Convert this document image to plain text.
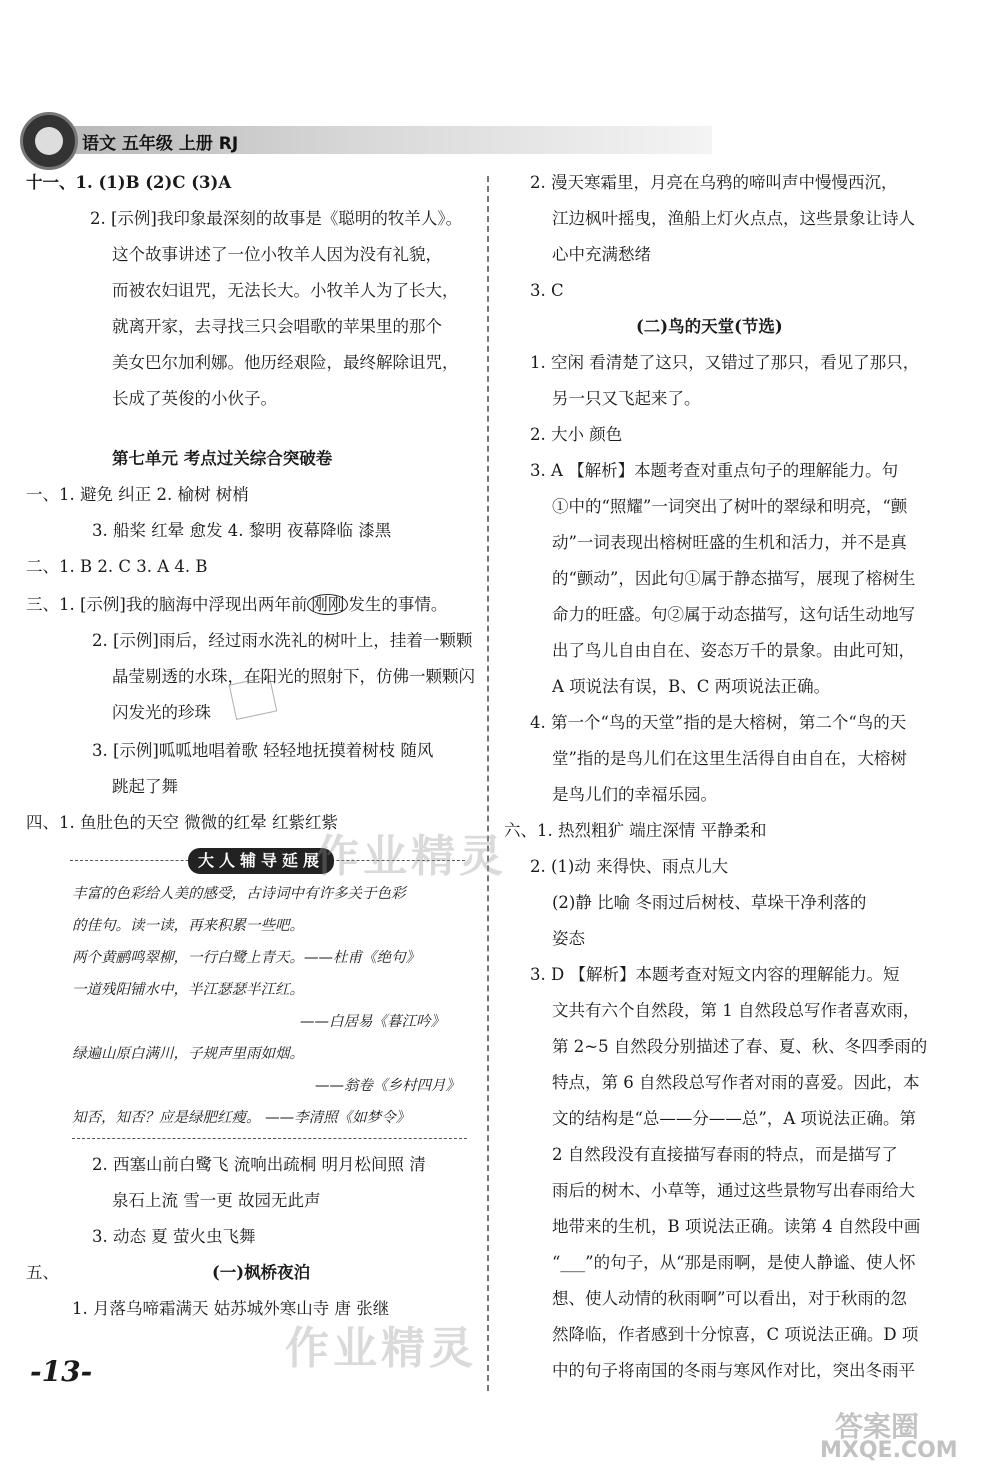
语文 五年级 上册 RJ
十一、1. (1)B (2)C (3)A
2. [示例]我印象最深刻的故事是《聪明的牧羊人》。
这个故事讲述了一位小牧羊人因为没有礼貌，
而被农妇诅咒，无法长大。小牧羊人为了长大，
就离开家，去寻找三只会唱歌的苹果里的那个
美女巴尔加利娜。他历经艰险，最终解除诅咒，
长成了英俊的小伙子。
第七单元 考点过关综合突破卷
一、1. 避免 纠正 2. 榆树 树梢
3. 船桨 红晕 愈发 4. 黎明 夜幕降临 漆黑
二、1. B 2. C 3. A 4. B
三、1. [示例]我的脑海中浮现出两年前 刚刚 发生的事情。
2. [示例]雨后，经过雨水洗礼的树叶上，挂着一颗颗
晶莹剔透的水珠，在阳光的照射下，仿佛一颗颗闪
闪发光的珍珠
3. [示例]呱呱地唱着歌 轻轻地抚摸着树枝 随风
跳起了舞
四、1. 鱼肚色的天空 微微的红晕 红紫红紫
大人辅导延展
丰富的色彩给人美的感受，古诗词中有许多关于色彩
的佳句。读一读，再来积累一些吧。
两个黄鹂鸣翠柳，一行白鹭上青天。——杜甫《绝句》
一道残阳铺水中，半江瑟瑟半江红。
——白居易《暮江吟》
绿遍山原白满川，子规声里雨如烟。
——翁卷《乡村四月》
知否，知否？应是绿肥红瘦。 ——李清照《如梦令》
2. 西塞山前白鹭飞 流响出疏桐 明月松间照 清
泉石上流 雪一更 故园无此声
3. 动态 夏 萤火虫飞舞
五、	(一)枫桥夜泊
1. 月落乌啼霜满天 姑苏城外寒山寺 唐 张继
2. 漫天寒霜里，月亮在乌鸦的啼叫声中慢慢西沉，
江边枫叶摇曳，渔船上灯火点点，这些景象让诗人
心中充满愁绪
3. C
(二)鸟的天堂(节选)
1. 空闲 看清楚了这只，又错过了那只，看见了那只，
另一只又飞起来了。
2. 大小 颜色
3. A 【解析】本题考查对重点句子的理解能力。句
①中的“照耀”一词突出了树叶的翠绿和明亮，“颤
动”一词表现出榕树旺盛的生机和活力，并不是真
的“颤动”，因此句①属于静态描写，展现了榕树生
命力的旺盛。句②属于动态描写，这句话生动地写
出了鸟儿自由自在、姿态万千的景象。由此可知，
A 项说法有误，B、C 两项说法正确。
4. 第一个“鸟的天堂”指的是大榕树，第二个“鸟的天
堂”指的是鸟儿们在这里生活得自由自在，大榕树
是鸟儿们的幸福乐园。
六、1. 热烈粗犷 端庄深情 平静柔和
2. (1)动 来得快、雨点儿大
(2)静 比喻 冬雨过后树枝、草垛干净利落的
姿态
3. D 【解析】本题考查对短文内容的理解能力。短
文共有六个自然段，第 1 自然段总写作者喜欢雨，
第 2~5 自然段分别描述了春、夏、秋、冬四季雨的
特点，第 6 自然段总写作者对雨的喜爱。因此，本
文的结构是“总——分——总”，A 项说法正确。第
2 自然段没有直接描写春雨的特点，而是描写了
雨后的树木、小草等，通过这些景物写出春雨给大
地带来的生机，B 项说法正确。读第 4 自然段中画
“___”的句子，从“那是雨啊，是使人静谧、使人怀
想、使人动情的秋雨啊”可以看出，对于秋雨的忽
然降临，作者感到十分惊喜，C 项说法正确。D 项
中的句子将南国的冬雨与寒风作对比，突出冬雨平
-13-
作业精灵
作业精灵
答案圈
MXQE.COM
